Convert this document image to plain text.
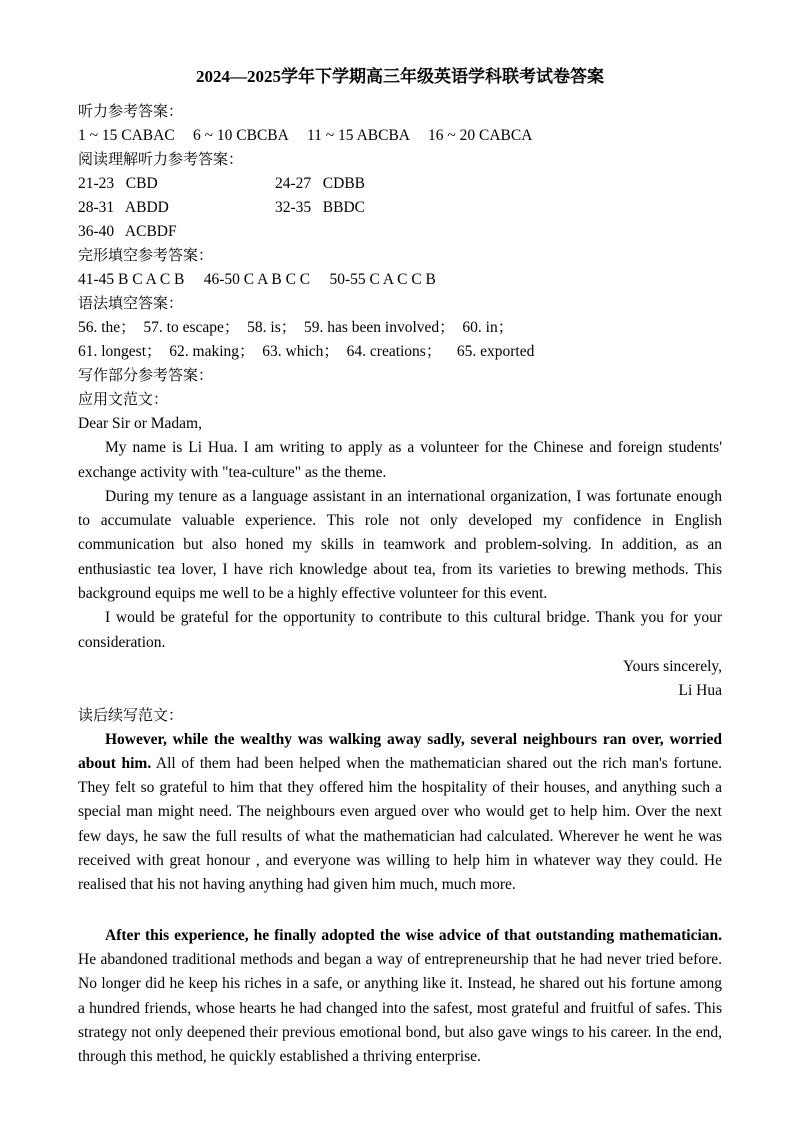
2024—2025学年下学期高三年级英语学科联考试卷答案
听力参考答案：
1 ~ 15 CABAC	6 ~ 10 CBCBA	11 ~ 15 ABCBA	16 ~ 20 CABCA
阅读理解听力参考答案：
21-23   CBD	24-27   CDBB
28-31   ABDD	32-35   BBDC
36-40   ACBDF
完形填空参考答案：
41-45 B C A C B     46-50 C A B C C     50-55 C A C C B
语法填空答案：
56. the；  57. to escape；  58. is；  59. has been involved；  60. in；
61. longest；  62. making；  63. which；  64. creations；    65. exported
写作部分参考答案：
应用文范文：

Dear Sir or Madam,

My name is Li Hua. I am writing to apply as a volunteer for the Chinese and foreign students' exchange activity with "tea-culture" as the theme.

During my tenure as a language assistant in an international organization, I was fortunate enough to accumulate valuable experience. This role not only developed my confidence in English communication but also honed my skills in teamwork and problem-solving. In addition, as an enthusiastic tea lover, I have rich knowledge about tea, from its varieties to brewing methods. This background equips me well to be a highly effective volunteer for this event.

I would be grateful for the opportunity to contribute to this cultural bridge. Thank you for your consideration.

Yours sincerely,

Li Hua

读后续写范文：

However, while the wealthy was walking away sadly, several neighbours ran over, worried about him. All of them had been helped when the mathematician shared out the rich man's fortune. They felt so grateful to him that they offered him the hospitality of their houses, and anything such a special man might need. The neighbours even argued over who would get to help him. Over the next few days, he saw the full results of what the mathematician had calculated. Wherever he went he was received with great honour , and everyone was willing to help him in whatever way they could. He realised that his not having anything had given him much, much more.

After this experience, he finally adopted the wise advice of that outstanding mathematician. He abandoned traditional methods and began a way of entrepreneurship that he had never tried before. No longer did he keep his riches in a safe, or anything like it. Instead, he shared out his fortune among a hundred friends, whose hearts he had changed into the safest, most grateful and fruitful of safes. This strategy not only deepened their previous emotional bond, but also gave wings to his career. In the end, through this method, he quickly established a thriving enterprise.
